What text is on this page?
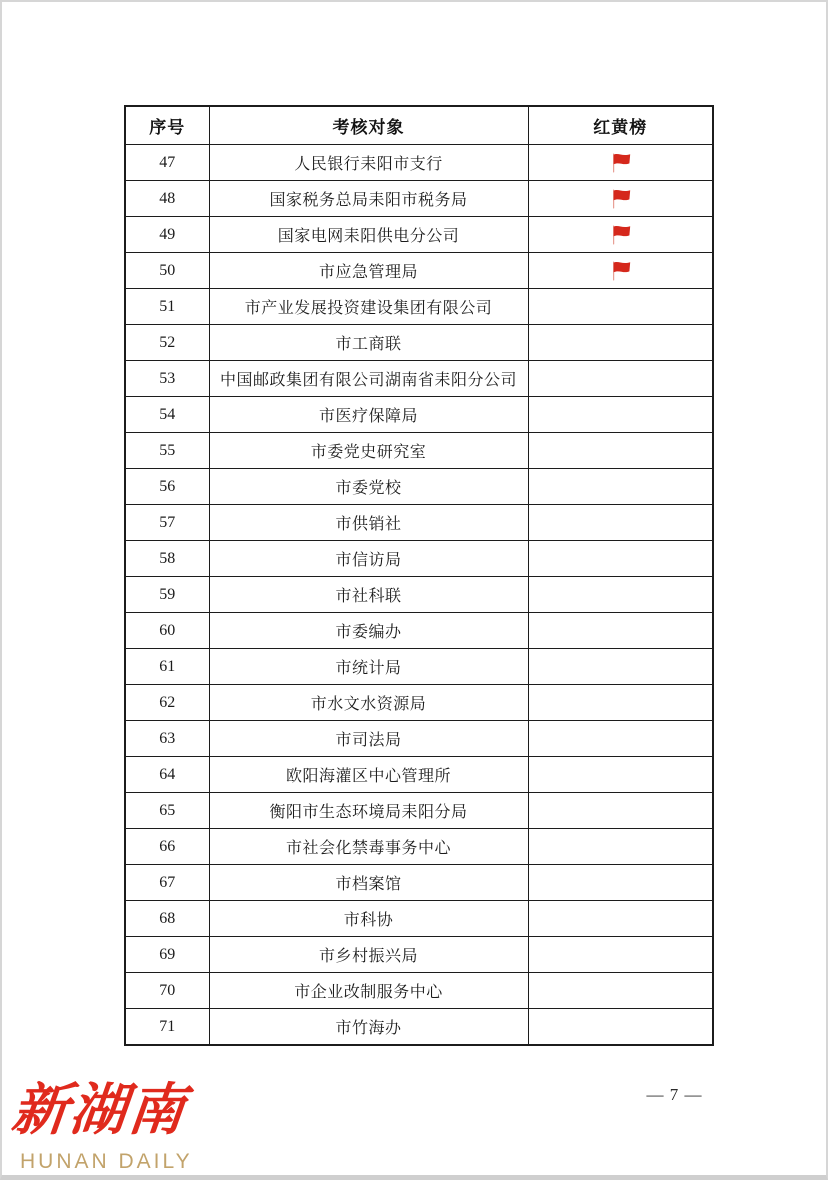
序号	考核对象	红黄榜
47	人民银行耒阳市支行	
48	国家税务总局耒阳市税务局	
49	国家电网耒阳供电分公司	
50	市应急管理局	
51	市产业发展投资建设集团有限公司	
52	市工商联	
53	中国邮政集团有限公司湖南省耒阳分公司	
54	市医疗保障局	
55	市委党史研究室	
56	市委党校	
57	市供销社	
58	市信访局	
59	市社科联	
60	市委编办	
61	市统计局	
62	市水文水资源局	
63	市司法局	
64	欧阳海灌区中心管理所	
65	衡阳市生态环境局耒阳分局	
66	市社会化禁毒事务中心	
67	市档案馆	
68	市科协	
69	市乡村振兴局	
70	市企业改制服务中心	
71	市竹海办	
— 7 —
新湖南
HUNAN DAILY
